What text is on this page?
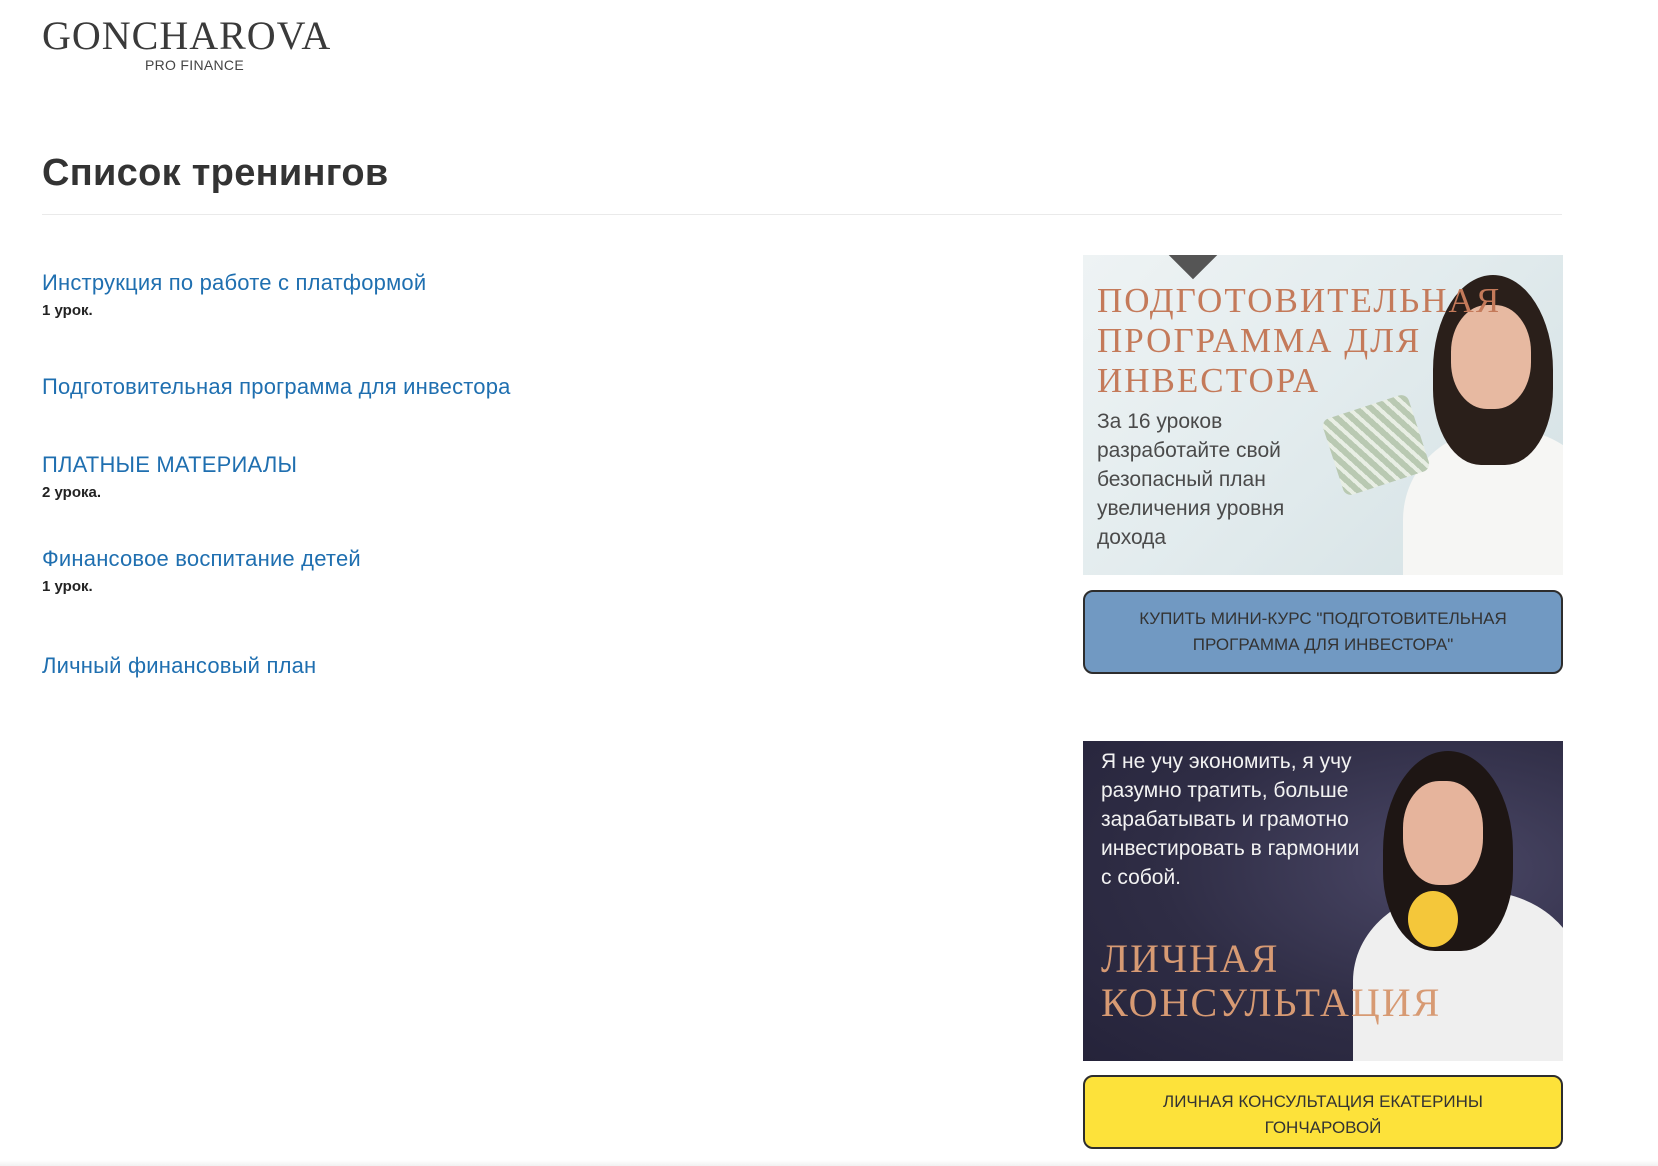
GONCHAROVA
PRO FINANCE
Список тренингов
Инструкция по работе с платформой
1 урок.
Подготовительная программа для инвестора
ПЛАТНЫЕ МАТЕРИАЛЫ
2 урока.
Финансовое воспитание детей
1 урок.
Личный финансовый план
ПОДГОТОВИТЕЛЬНАЯ
ПРОГРАММА ДЛЯ
ИНВЕСТОРА
За 16 уроков разработайте свой безопасный план увеличения уровня дохода
КУПИТЬ МИНИ-КУРС "ПОДГОТОВИТЕЛЬНАЯ ПРОГРАММА ДЛЯ ИНВЕСТОРА"
Я не учу экономить, я учу разумно тратить, больше зарабатывать и грамотно инвестировать в гармонии с собой.
ЛИЧНАЯ
КОНСУЛЬТАЦИЯ
ЛИЧНАЯ КОНСУЛЬТАЦИЯ ЕКАТЕРИНЫ ГОНЧАРОВОЙ
